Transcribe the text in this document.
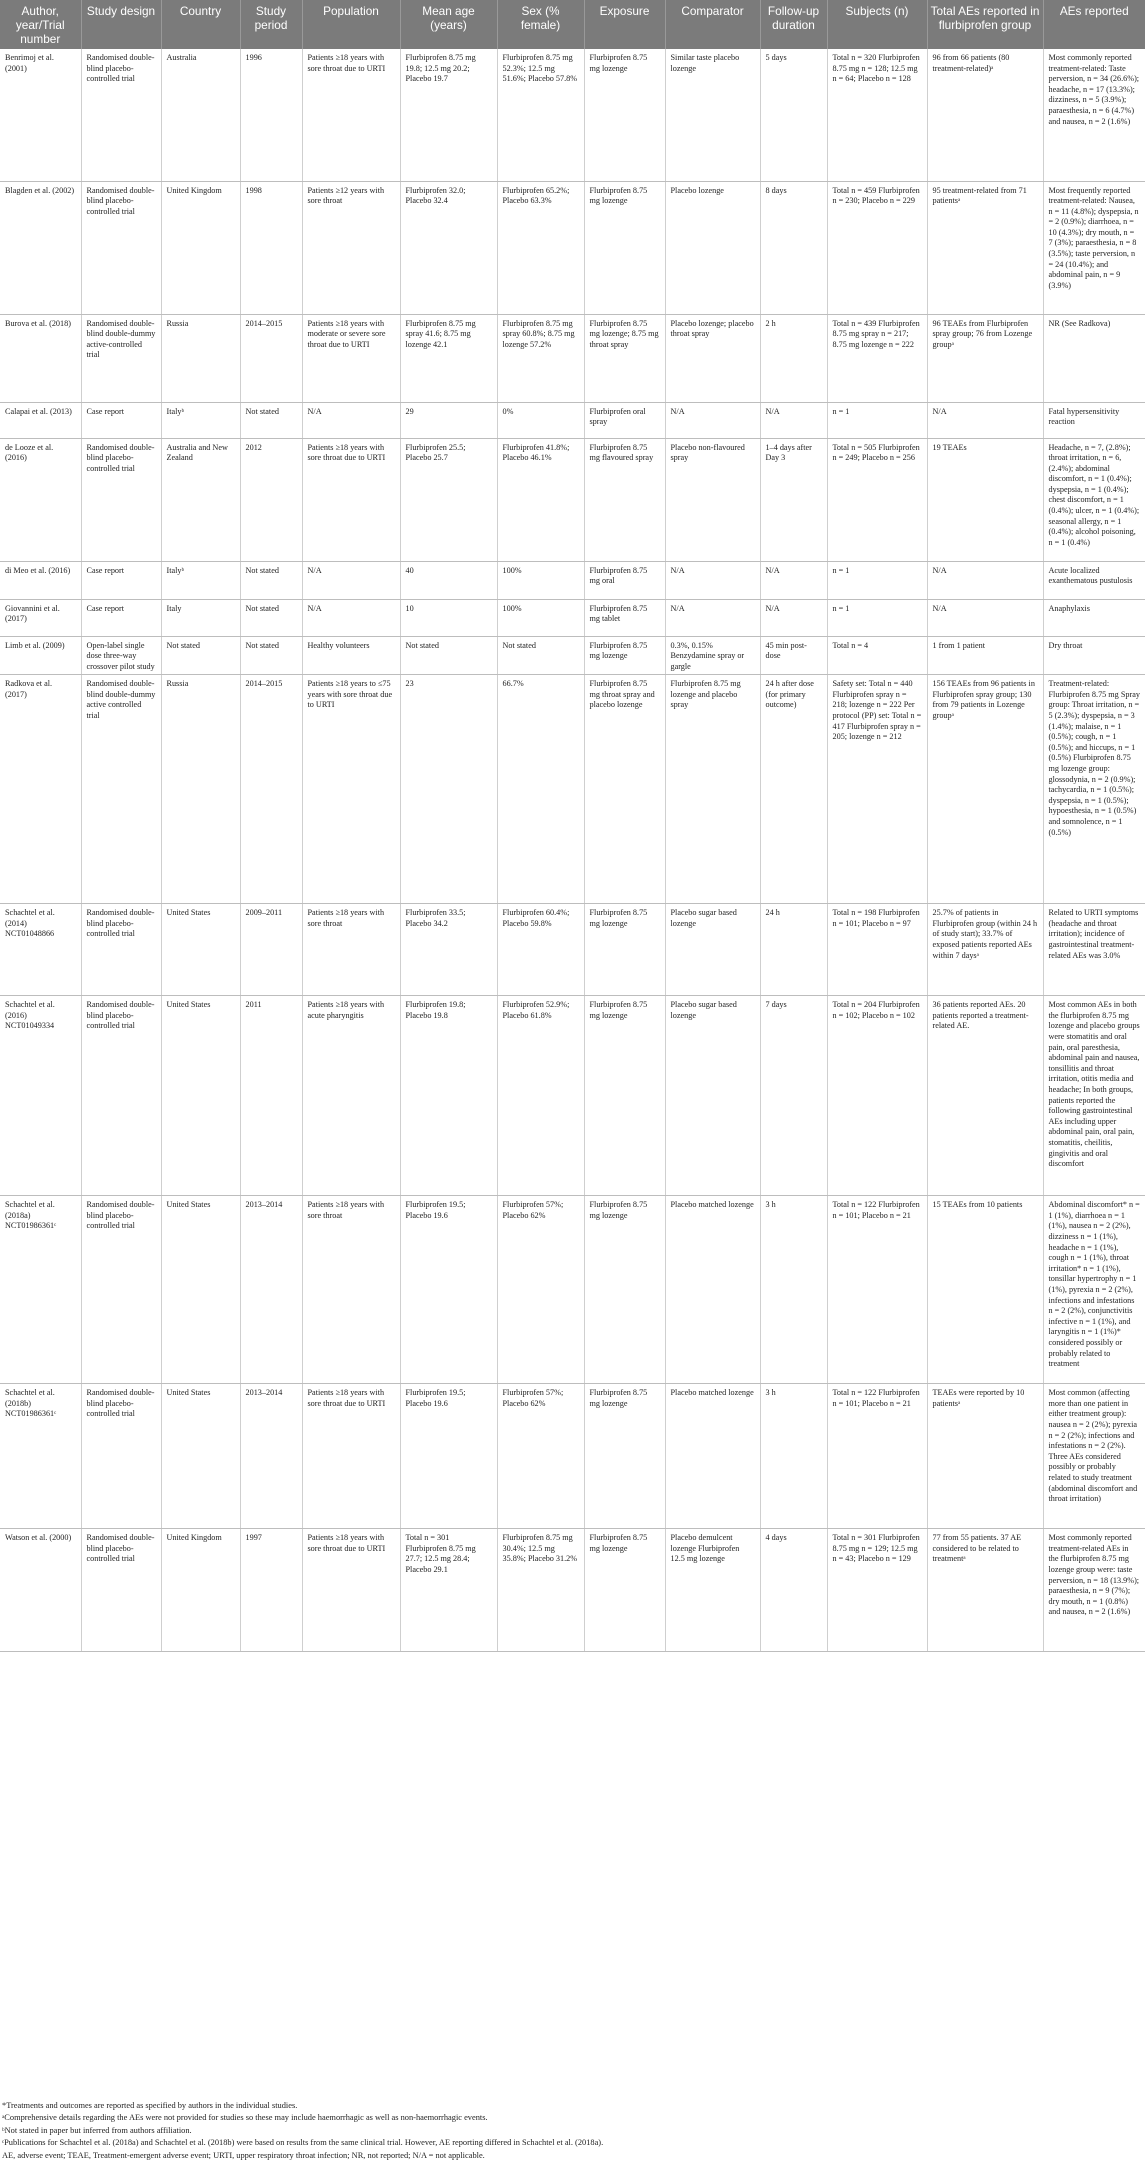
Author, year/Trial number	Study design	Country	Study period	Population	Mean age (years)	Sex (% female)	Exposure	Comparator	Follow-up duration	Subjects (n)	Total AEs reported in flurbiprofen group	AEs reported
Benrimoj et al. (2001)	Randomised double-blind placebo-controlled trial	Australia	1996	Patients ≥18 years with sore throat due to URTI	Flurbiprofen 8.75 mg 19.8; 12.5 mg 20.2; Placebo 19.7	Flurbiprofen 8.75 mg 52.3%; 12.5 mg 51.6%; Placebo 57.8%	Flurbiprofen 8.75 mg lozenge	Similar taste placebo lozenge	5 days	Total n = 320 Flurbiprofen 8.75 mg n = 128; 12.5 mg n = 64; Placebo n = 128	96 from 66 patients (80 treatment-related)ᵃ	Most commonly reported treatment-related: Taste perversion, n = 34 (26.6%); headache, n = 17 (13.3%); dizziness, n = 5 (3.9%); paraesthesia, n = 6 (4.7%) and nausea, n = 2 (1.6%)
Blagden et al. (2002)	Randomised double-blind placebo-controlled trial	United Kingdom	1998	Patients ≥12 years with sore throat	Flurbiprofen 32.0; Placebo 32.4	Flurbiprofen 65.2%; Placebo 63.3%	Flurbiprofen 8.75 mg lozenge	Placebo lozenge	8 days	Total n = 459 Flurbiprofen n = 230; Placebo n = 229	95 treatment-related from 71 patientsᵃ	Most frequently reported treatment-related: Nausea, n = 11 (4.8%); dyspepsia, n = 2 (0.9%); diarrhoea, n = 10 (4.3%); dry mouth, n = 7 (3%); paraesthesia, n = 8 (3.5%); taste perversion, n = 24 (10.4%); and abdominal pain, n = 9 (3.9%)
Burova et al. (2018)	Randomised double-blind double-dummy active-controlled trial	Russia	2014–2015	Patients ≥18 years with moderate or severe sore throat due to URTI	Flurbiprofen 8.75 mg spray 41.6; 8.75 mg lozenge 42.1	Flurbiprofen 8.75 mg spray 60.8%; 8.75 mg lozenge 57.2%	Flurbiprofen 8.75 mg lozenge; 8.75 mg throat spray	Placebo lozenge; placebo throat spray	2 h	Total n = 439 Flurbiprofen 8.75 mg spray n = 217; 8.75 mg lozenge n = 222	96 TEAEs from Flurbiprofen spray group; 76 from Lozenge groupᵃ	NR (See Radkova)
Calapai et al. (2013)	Case report	Italyᵇ	Not stated	N/A	29	0%	Flurbiprofen oral spray	N/A	N/A	n = 1	N/A	Fatal hypersensitivity reaction
de Looze et al. (2016)	Randomised double-blind placebo-controlled trial	Australia and New Zealand	2012	Patients ≥18 years with sore throat due to URTI	Flurbiprofen 25.5; Placebo 25.7	Flurbiprofen 41.8%; Placebo 46.1%	Flurbiprofen 8.75 mg flavoured spray	Placebo non-flavoured spray	1–4 days after Day 3	Total n = 505 Flurbiprofen n = 249; Placebo n = 256	19 TEAEs	Headache, n = 7, (2.8%); throat irritation, n = 6, (2.4%); abdominal discomfort, n = 1 (0.4%); dyspepsia, n = 1 (0.4%); chest discomfort, n = 1 (0.4%); ulcer, n = 1 (0.4%); seasonal allergy, n = 1 (0.4%); alcohol poisoning, n = 1 (0.4%)
di Meo et al. (2016)	Case report	Italyᵇ	Not stated	N/A	40	100%	Flurbiprofen 8.75 mg oral	N/A	N/A	n = 1	N/A	Acute localized exanthematous pustulosis
Giovannini et al. (2017)	Case report	Italy	Not stated	N/A	10	100%	Flurbiprofen 8.75 mg tablet	N/A	N/A	n = 1	N/A	Anaphylaxis
Limb et al. (2009)	Open-label single dose three-way crossover pilot study	Not stated	Not stated	Healthy volunteers	Not stated	Not stated	Flurbiprofen 8.75 mg lozenge	0.3%, 0.15% Benzydamine spray or gargle	45 min post-dose	Total n = 4	1 from 1 patient	Dry throat
Radkova et al. (2017)	Randomised double-blind double-dummy active controlled trial	Russia	2014–2015	Patients ≥18 years to ≤75 years with sore throat due to URTI	23	66.7%	Flurbiprofen 8.75 mg throat spray and placebo lozenge	Flurbiprofen 8.75 mg lozenge and placebo spray	24 h after dose (for primary outcome)	Safety set: Total n = 440 Flurbiprofen spray n = 218; lozenge n = 222 Per protocol (PP) set: Total n = 417 Flurbiprofen spray n = 205; lozenge n = 212	156 TEAEs from 96 patients in Flurbiprofen spray group; 130 from 79 patients in Lozenge groupᵃ	Treatment-related: Flurbiprofen 8.75 mg Spray group: Throat irritation, n = 5 (2.3%); dyspepsia, n = 3 (1.4%); malaise, n = 1 (0.5%); cough, n = 1 (0.5%); and hiccups, n = 1 (0.5%) Flurbiprofen 8.75 mg lozenge group: glossodynia, n = 2 (0.9%); tachycardia, n = 1 (0.5%); dyspepsia, n = 1 (0.5%); hypoesthesia, n = 1 (0.5%) and somnolence, n = 1 (0.5%)
Schachtel et al. (2014) NCT01048866	Randomised double-blind placebo-controlled trial	United States	2009–2011	Patients ≥18 years with sore throat	Flurbiprofen 33.5; Placebo 34.2	Flurbiprofen 60.4%; Placebo 59.8%	Flurbiprofen 8.75 mg lozenge	Placebo sugar based lozenge	24 h	Total n = 198 Flurbiprofen n = 101; Placebo n = 97	25.7% of patients in Flurbiprofen group (within 24 h of study start); 33.7% of exposed patients reported AEs within 7 daysᵃ	Related to URTI symptoms (headache and throat irritation); incidence of gastrointestinal treatment-related AEs was 3.0%
Schachtel et al. (2016) NCT01049334	Randomised double-blind placebo-controlled trial	United States	2011	Patients ≥18 years with acute pharyngitis	Flurbiprofen 19.8; Placebo 19.8	Flurbiprofen 52.9%; Placebo 61.8%	Flurbiprofen 8.75 mg lozenge	Placebo sugar based lozenge	7 days	Total n = 204 Flurbiprofen n = 102; Placebo n = 102	36 patients reported AEs. 20 patients reported a treatment-related AE.	Most common AEs in both the flurbiprofen 8.75 mg lozenge and placebo groups were stomatitis and oral pain, oral paresthesia, abdominal pain and nausea, tonsillitis and throat irritation, otitis media and headache; In both groups, patients reported the following gastrointestinal AEs including upper abdominal pain, oral pain, stomatitis, cheilitis, gingivitis and oral discomfort
Schachtel et al. (2018a) NCT01986361ᶜ	Randomised double-blind placebo-controlled trial	United States	2013–2014	Patients ≥18 years with sore throat	Flurbiprofen 19.5; Placebo 19.6	Flurbiprofen 57%; Placebo 62%	Flurbiprofen 8.75 mg lozenge	Placebo matched lozenge	3 h	Total n = 122 Flurbiprofen n = 101; Placebo n = 21	15 TEAEs from 10 patients	Abdominal discomfort* n = 1 (1%), diarrhoea n = 1 (1%), nausea n = 2 (2%), dizziness n = 1 (1%), headache n = 1 (1%), cough n = 1 (1%), throat irritation* n = 1 (1%), tonsillar hypertrophy n = 1 (1%), pyrexia n = 2 (2%), infections and infestations n = 2 (2%), conjunctivitis infective n = 1 (1%), and laryngitis n = 1 (1%)* considered possibly or probably related to treatment
Schachtel et al. (2018b) NCT01986361ᶜ	Randomised double-blind placebo-controlled trial	United States	2013–2014	Patients ≥18 years with sore throat due to URTI	Flurbiprofen 19.5; Placebo 19.6	Flurbiprofen 57%; Placebo 62%	Flurbiprofen 8.75 mg lozenge	Placebo matched lozenge	3 h	Total n = 122 Flurbiprofen n = 101; Placebo n = 21	TEAEs were reported by 10 patientsᵃ	Most common (affecting more than one patient in either treatment group): nausea n = 2 (2%); pyrexia n = 2 (2%); infections and infestations n = 2 (2%). Three AEs considered possibly or probably related to study treatment (abdominal discomfort and throat irritation)
Watson et al. (2000)	Randomised double-blind placebo-controlled trial	United Kingdom	1997	Patients ≥18 years with sore throat due to URTI	Total n = 301 Flurbiprofen 8.75 mg 27.7; 12.5 mg 28.4; Placebo 29.1	Flurbiprofen 8.75 mg 30.4%; 12.5 mg 35.8%; Placebo 31.2%	Flurbiprofen 8.75 mg lozenge	Placebo demulcent lozenge Flurbiprofen 12.5 mg lozenge	4 days	Total n = 301 Flurbiprofen 8.75 mg n = 129; 12.5 mg n = 43; Placebo n = 129	77 from 55 patients. 37 AE considered to be related to treatmentᵃ	Most commonly reported treatment-related AEs in the flurbiprofen 8.75 mg lozenge group were: taste perversion, n = 18 (13.9%); paraesthesia, n = 9 (7%); dry mouth, n = 1 (0.8%) and nausea, n = 2 (1.6%)
*Treatments and outcomes are reported as specified by authors in the individual studies.
ᵃComprehensive details regarding the AEs were not provided for studies so these may include haemorrhagic as well as non-haemorrhagic events.
ᵇNot stated in paper but inferred from authors affiliation.
ᶜPublications for Schachtel et al. (2018a) and Schachtel et al. (2018b) were based on results from the same clinical trial. However, AE reporting differed in Schachtel et al. (2018a).
AE, adverse event; TEAE, Treatment-emergent adverse event; URTI, upper respiratory throat infection; NR, not reported; N/A = not applicable.
